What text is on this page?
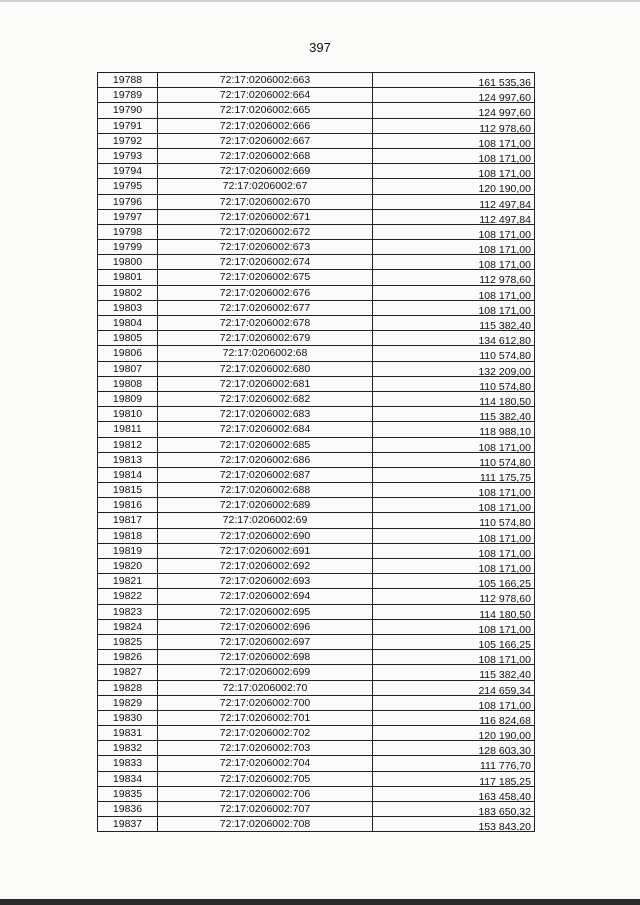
397
19788	72:17:0206002:663	161 535,36
19789	72:17:0206002:664	124 997,60
19790	72:17:0206002:665	124 997,60
19791	72:17:0206002:666	112 978,60
19792	72:17:0206002:667	108 171,00
19793	72:17:0206002:668	108 171,00
19794	72:17:0206002:669	108 171,00
19795	72:17:0206002:67	120 190,00
19796	72:17:0206002:670	112 497,84
19797	72:17:0206002:671	112 497,84
19798	72:17:0206002:672	108 171,00
19799	72:17:0206002:673	108 171,00
19800	72:17:0206002:674	108 171,00
19801	72:17:0206002:675	112 978,60
19802	72:17:0206002:676	108 171,00
19803	72:17:0206002:677	108 171,00
19804	72:17:0206002:678	115 382,40
19805	72:17:0206002:679	134 612,80
19806	72:17:0206002:68	110 574,80
19807	72:17:0206002:680	132 209,00
19808	72:17:0206002:681	110 574,80
19809	72:17:0206002:682	114 180,50
19810	72:17:0206002:683	115 382,40
19811	72:17:0206002:684	118 988,10
19812	72:17:0206002:685	108 171,00
19813	72:17:0206002:686	110 574,80
19814	72:17:0206002:687	111 175,75
19815	72:17:0206002:688	108 171,00
19816	72:17:0206002:689	108 171,00
19817	72:17:0206002:69	110 574,80
19818	72:17:0206002:690	108 171,00
19819	72:17:0206002:691	108 171,00
19820	72:17:0206002:692	108 171,00
19821	72:17:0206002:693	105 166,25
19822	72:17:0206002:694	112 978,60
19823	72:17:0206002:695	114 180,50
19824	72:17:0206002:696	108 171,00
19825	72:17:0206002:697	105 166,25
19826	72:17:0206002:698	108 171,00
19827	72:17:0206002:699	115 382,40
19828	72:17:0206002:70	214 659,34
19829	72:17:0206002:700	108 171,00
19830	72:17:0206002:701	116 824,68
19831	72:17:0206002:702	120 190,00
19832	72:17:0206002:703	128 603,30
19833	72:17:0206002:704	111 776,70
19834	72:17:0206002:705	117 185,25
19835	72:17:0206002:706	163 458,40
19836	72:17:0206002:707	183 650,32
19837	72:17:0206002:708	153 843,20
